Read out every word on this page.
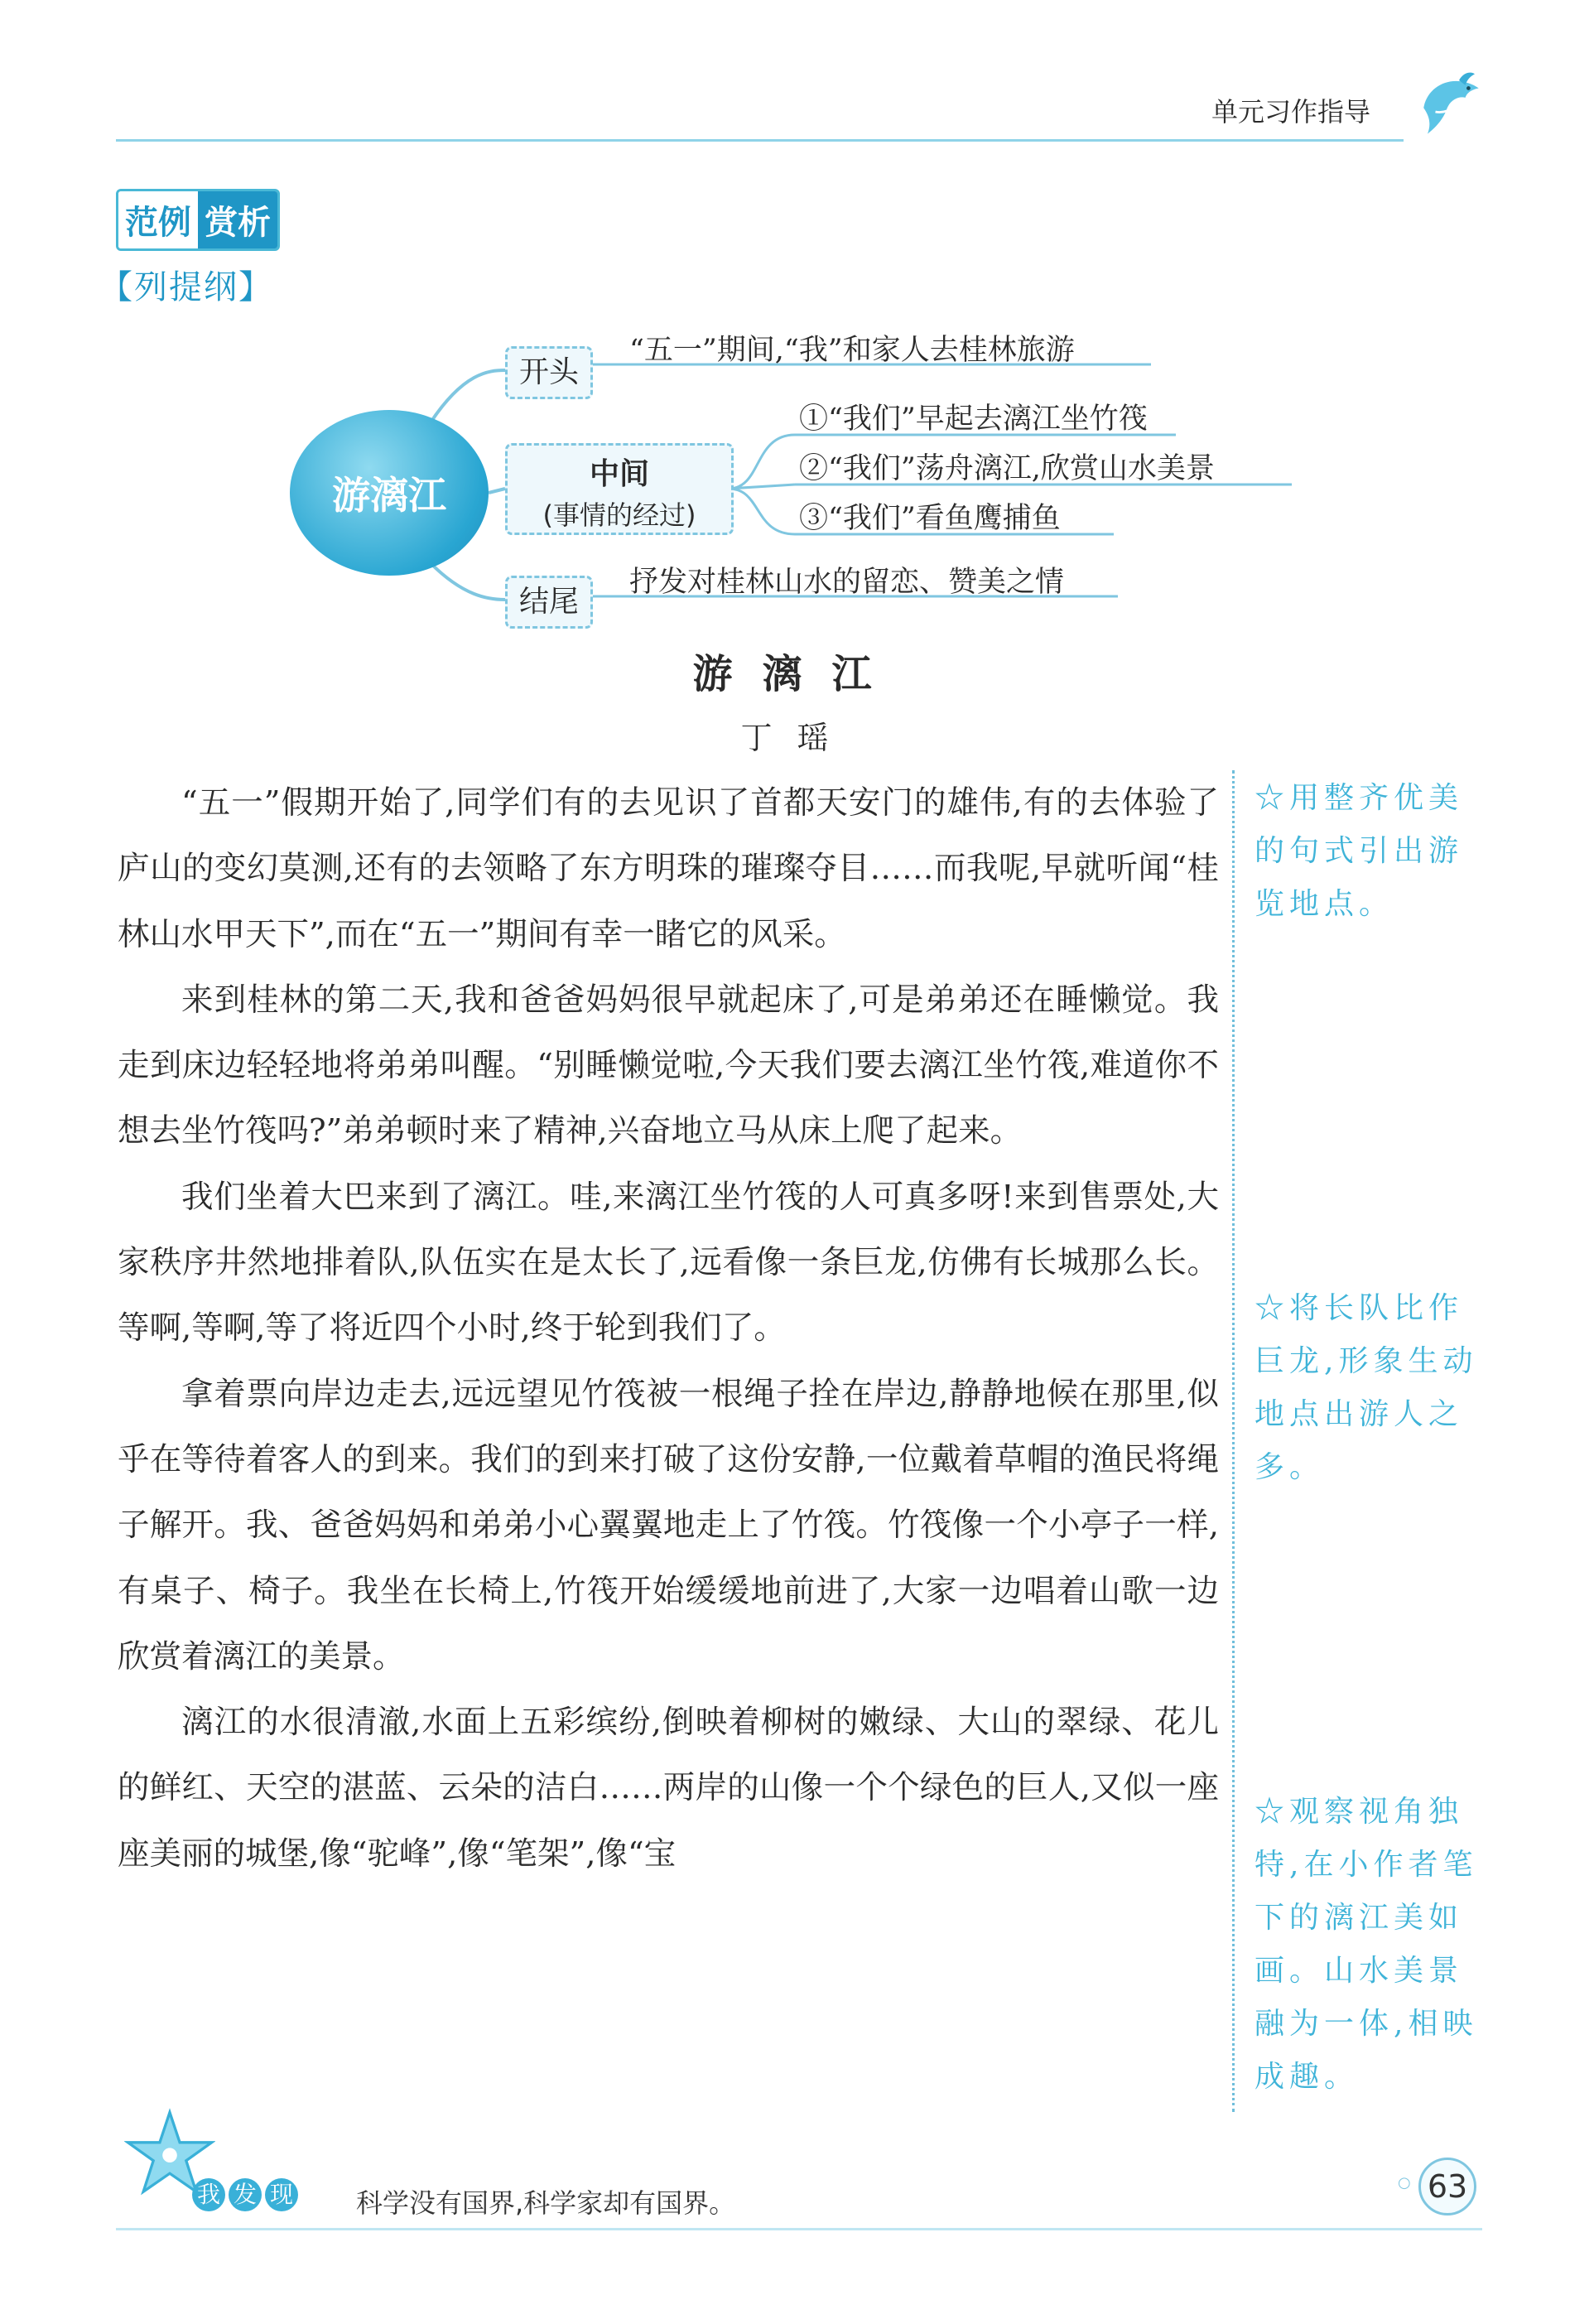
单元习作指导
范例 赏析
【列提纲】
游漓江
开头
“五一”期间,“我”和家人去桂林旅游
中间
(事情的经过)
①“我们”早起去漓江坐竹筏
②“我们”荡舟漓江,欣赏山水美景
③“我们”看鱼鹰捕鱼
结尾
抒发对桂林山水的留恋、赞美之情
游漓江
丁瑶

“五一”假期开始了,同学们有的去见识了首都天安门的雄伟,有的去体验了庐山的变幻莫测,还有的去领略了东方明珠的璀璨夺目……而我呢,早就听闻“桂林山水甲天下”,而在“五一”期间有幸一睹它的风采。

来到桂林的第二天,我和爸爸妈妈很早就起床了,可是弟弟还在睡懒觉。我走到床边轻轻地将弟弟叫醒。“别睡懒觉啦,今天我们要去漓江坐竹筏,难道你不想去坐竹筏吗?”弟弟顿时来了精神,兴奋地立马从床上爬了起来。

我们坐着大巴来到了漓江。哇,来漓江坐竹筏的人可真多呀!来到售票处,大家秩序井然地排着队,队伍实在是太长了,远看像一条巨龙,仿佛有长城那么长。等啊,等啊,等了将近四个小时,终于轮到我们了。

拿着票向岸边走去,远远望见竹筏被一根绳子拴在岸边,静静地候在那里,似乎在等待着客人的到来。我们的到来打破了这份安静,一位戴着草帽的渔民将绳子解开。我、爸爸妈妈和弟弟小心翼翼地走上了竹筏。竹筏像一个小亭子一样,有桌子、椅子。我坐在长椅上,竹筏开始缓缓地前进了,大家一边唱着山歌一边欣赏着漓江的美景。

漓江的水很清澈,水面上五彩缤纷,倒映着柳树的嫩绿、大山的翠绿、花儿的鲜红、天空的湛蓝、云朵的洁白……两岸的山像一个个绿色的巨人,又似一座座美丽的城堡,像“驼峰”,像“笔架”,像“宝

☆用整齐优美的句式引出游览地点。
☆将长队比作巨龙,形象生动地点出游人之多。
☆观察视角独特,在小作者笔下的漓江美如画。山水美景融为一体,相映成趣。
我 发 现 科学没有国界,科学家却有国界。
○ 63
